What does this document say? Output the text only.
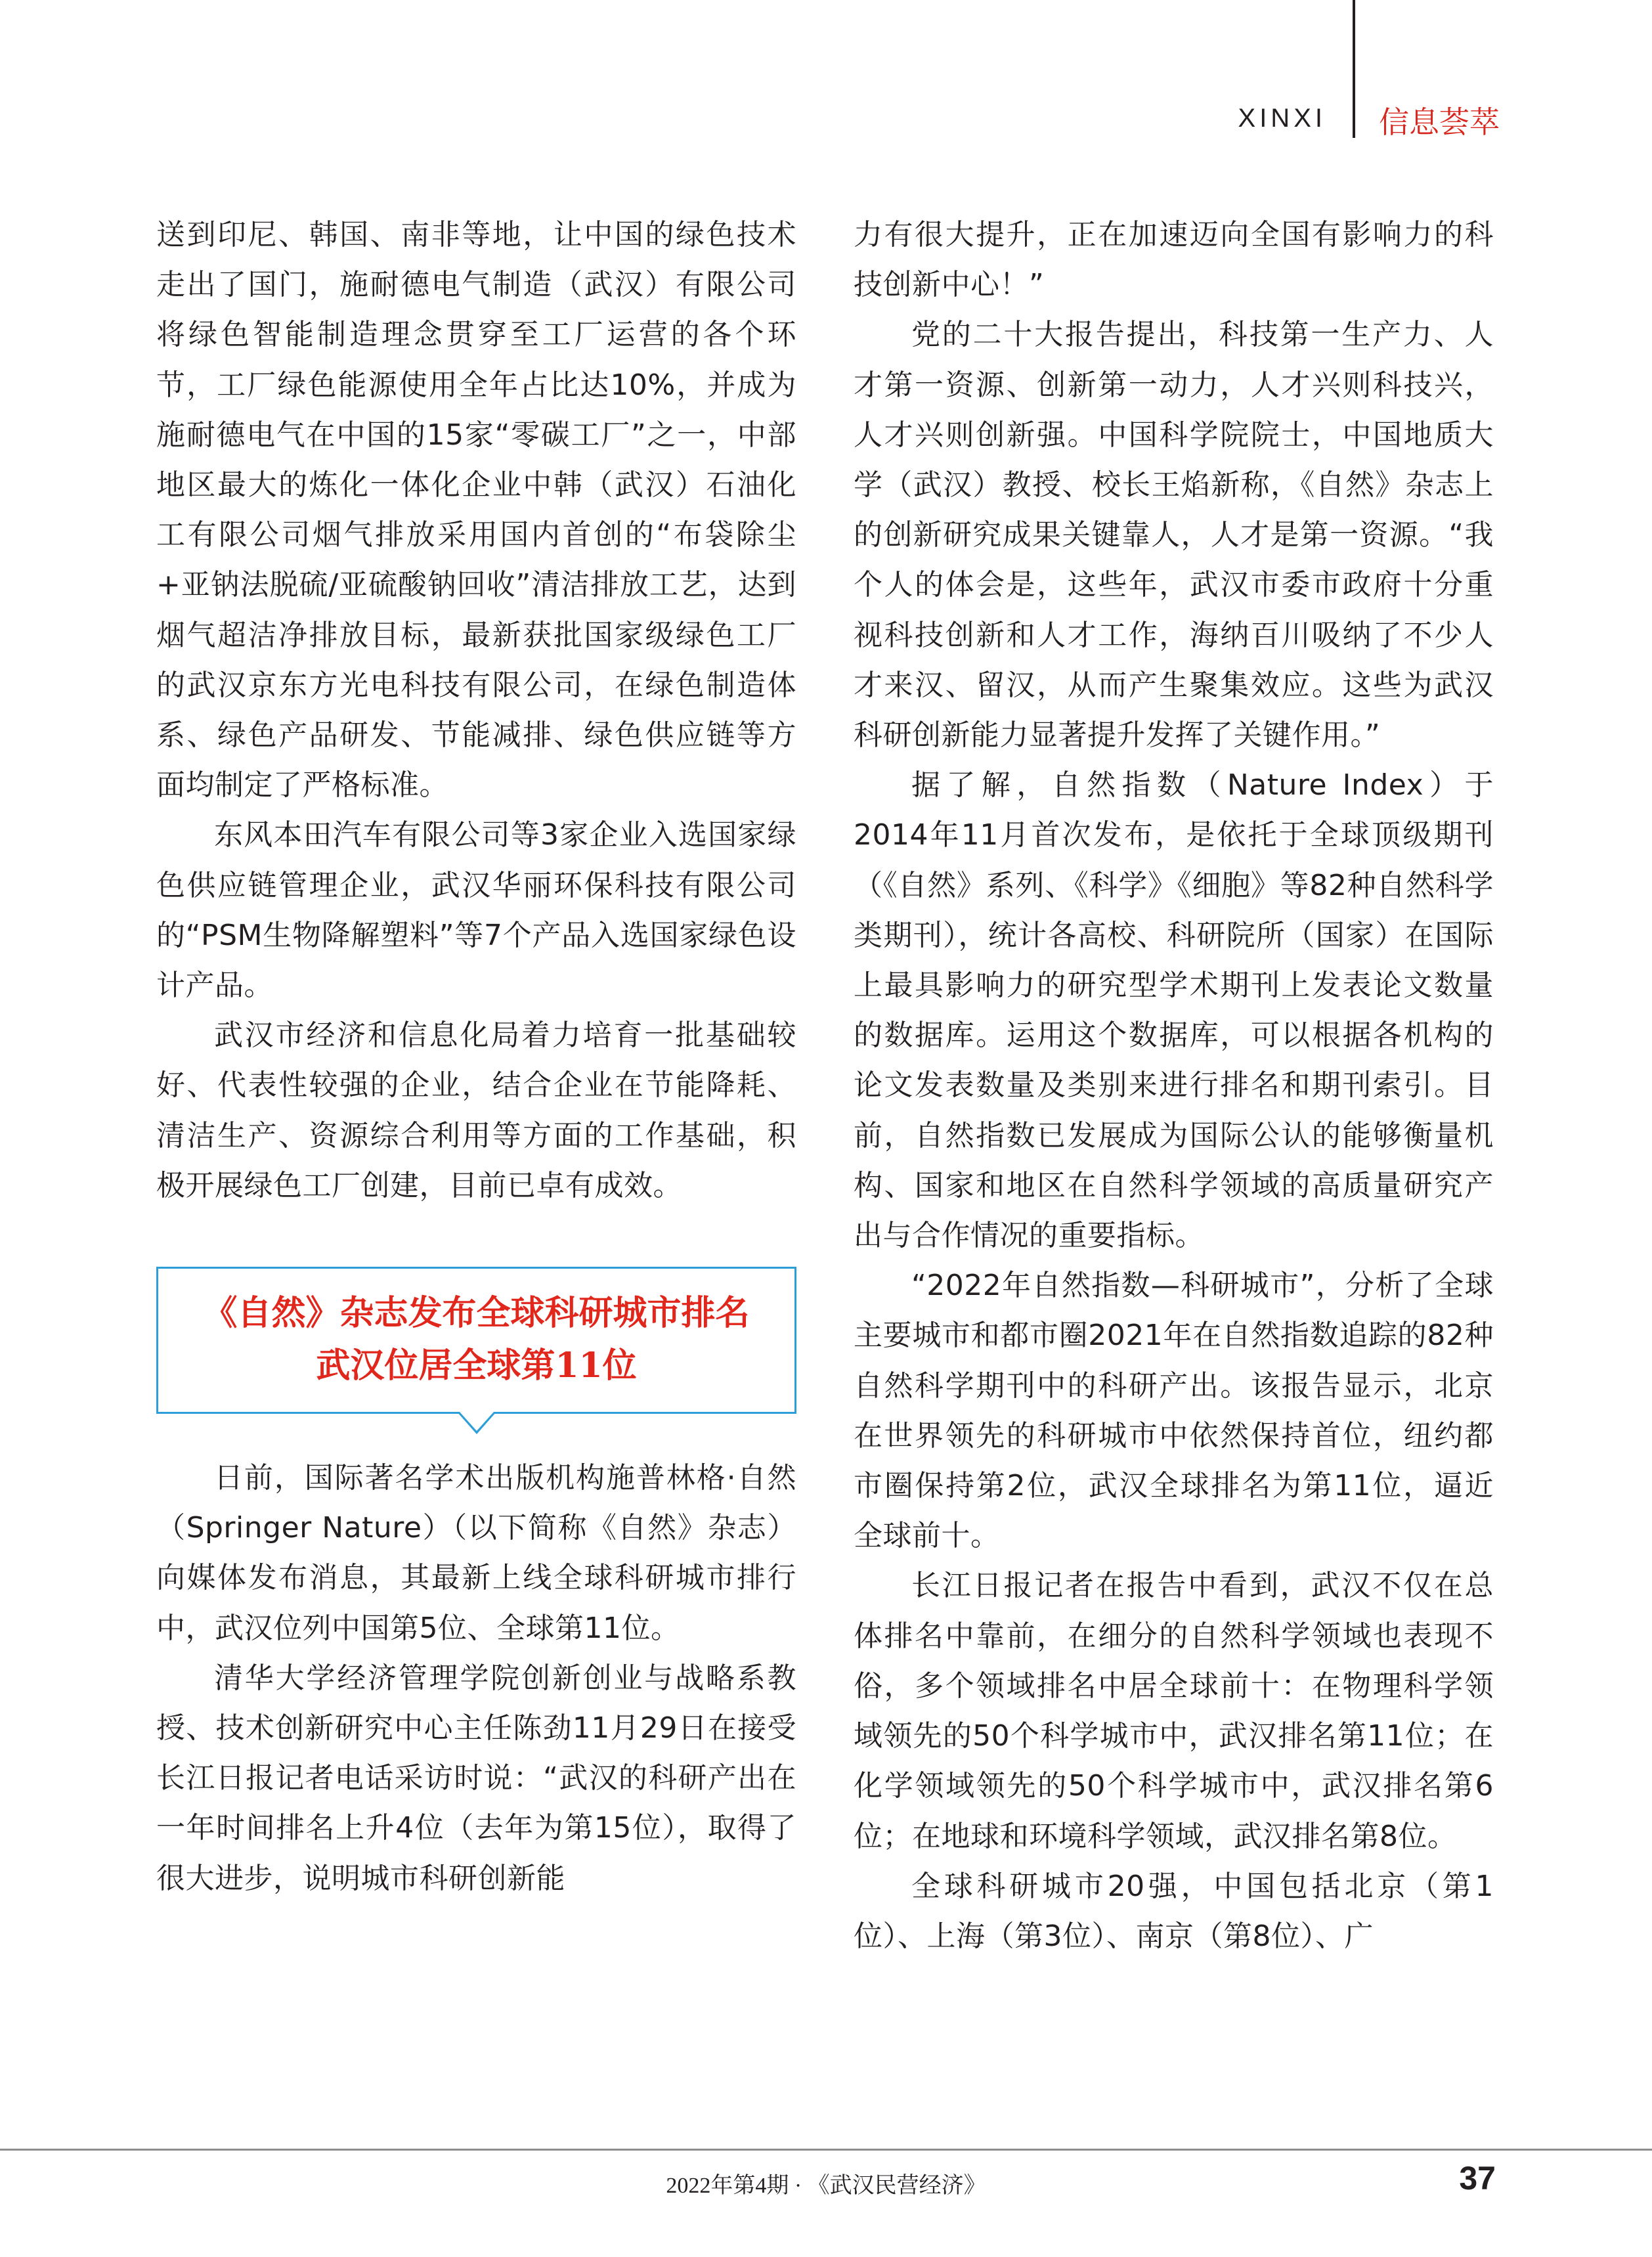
XINXI 信息荟萃

送到印尼、韩国、南非等地，让中国的绿色技术走出了国门，施耐德电气制造（武汉）有限公司将绿色智能制造理念贯穿至工厂运营的各个环节，工厂绿色能源使用全年占比达10%，并成为施耐德电气在中国的15家“零碳工厂”之一，中部地区最大的炼化一体化企业中韩（武汉）石油化工有限公司烟气排放采用国内首创的“布袋除尘+亚钠法脱硫/亚硫酸钠回收”清洁排放工艺，达到烟气超洁净排放目标，最新获批国家级绿色工厂的武汉京东方光电科技有限公司，在绿色制造体系、绿色产品研发、节能减排、绿色供应链等方面均制定了严格标准。

东风本田汽车有限公司等3家企业入选国家绿色供应链管理企业，武汉华丽环保科技有限公司的“PSM生物降解塑料”等7个产品入选国家绿色设计产品。

武汉市经济和信息化局着力培育一批基础较好、代表性较强的企业，结合企业在节能降耗、清洁生产、资源综合利用等方面的工作基础，积极开展绿色工厂创建，目前已卓有成效。

《自然》杂志发布全球科研城市排名
武汉位居全球第11位

日前，国际著名学术出版机构施普林格·自然（Springer Nature）（以下简称《自然》杂志）向媒体发布消息，其最新上线全球科研城市排行中，武汉位列中国第5位、全球第11位。

清华大学经济管理学院创新创业与战略系教授、技术创新研究中心主任陈劲11月29日在接受长江日报记者电话采访时说：“武汉的科研产出在一年时间排名上升4位（去年为第15位），取得了很大进步，说明城市科研创新能

力有很大提升，正在加速迈向全国有影响力的科技创新中心！”

党的二十大报告提出，科技第一生产力、人才第一资源、创新第一动力，人才兴则科技兴，人才兴则创新强。中国科学院院士，中国地质大学（武汉）教授、校长王焰新称，《自然》杂志上的创新研究成果关键靠人，人才是第一资源。“我个人的体会是，这些年，武汉市委市政府十分重视科技创新和人才工作，海纳百川吸纳了不少人才来汉、留汉，从而产生聚集效应。这些为武汉科研创新能力显著提升发挥了关键作用。”

据了解，自然指数（Nature Index）于2014年11月首次发布，是依托于全球顶级期刊（《自然》系列、《科学》《细胞》等82种自然科学类期刊），统计各高校、科研院所（国家）在国际上最具影响力的研究型学术期刊上发表论文数量的数据库。运用这个数据库，可以根据各机构的论文发表数量及类别来进行排名和期刊索引。目前，自然指数已发展成为国际公认的能够衡量机构、国家和地区在自然科学领域的高质量研究产出与合作情况的重要指标。

“2022年自然指数—科研城市”，分析了全球主要城市和都市圈2021年在自然指数追踪的82种自然科学期刊中的科研产出。该报告显示，北京在世界领先的科研城市中依然保持首位，纽约都市圈保持第2位，武汉全球排名为第11位，逼近全球前十。

长江日报记者在报告中看到，武汉不仅在总体排名中靠前，在细分的自然科学领域也表现不俗，多个领域排名中居全球前十：在物理科学领域领先的50个科学城市中，武汉排名第11位；在化学领域领先的50个科学城市中，武汉排名第6位；在地球和环境科学领域，武汉排名第8位。

全球科研城市20强，中国包括北京（第1位）、上海（第3位）、南京（第8位）、广

2022年第4期 · 《武汉民营经济》	37
